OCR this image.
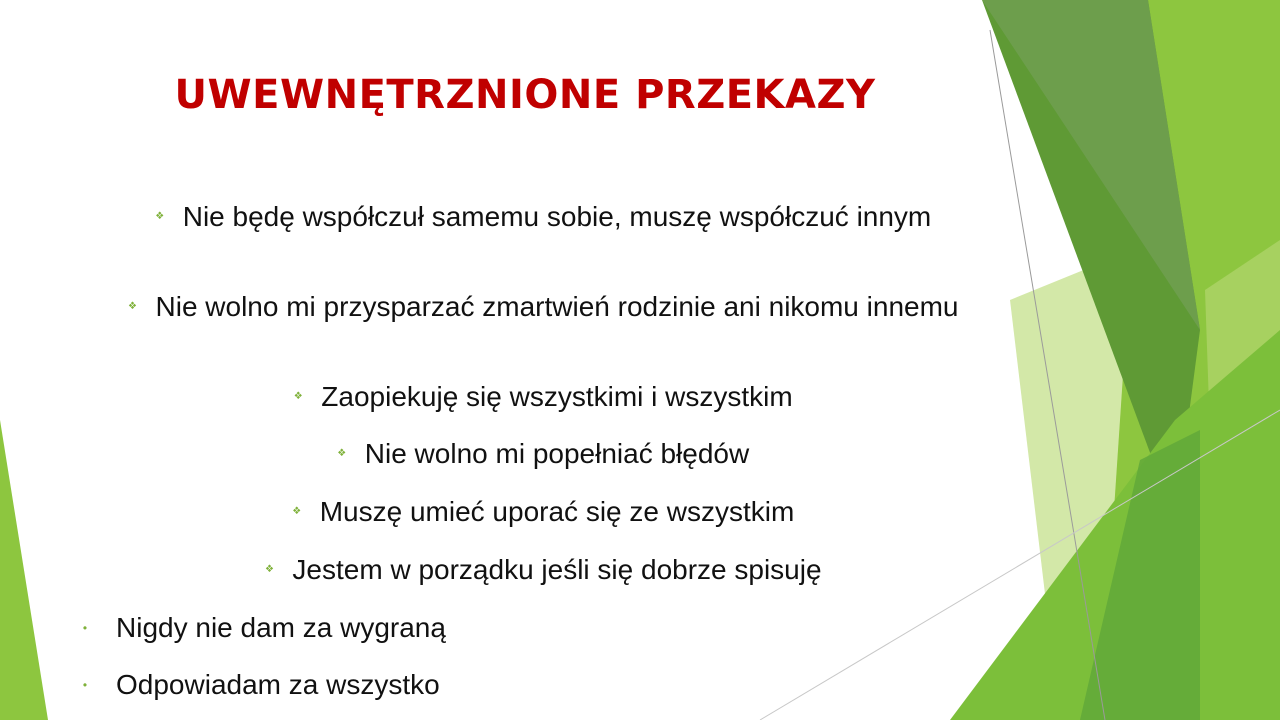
UWEWNĘTRZNIONE PRZEKAZY
❖ Nie będę współczuł samemu sobie, muszę współczuć innym
❖ Nie wolno mi przysparzać zmartwień rodzinie ani nikomu innemu
❖ Zaopiekuję się wszystkimi i wszystkim
❖ Nie wolno mi popełniać błędów
❖ Muszę umieć uporać się ze wszystkim
❖ Jestem w porządku jeśli się dobrze spisuję
• Nigdy nie dam za wygraną
• Odpowiadam za wszystko
